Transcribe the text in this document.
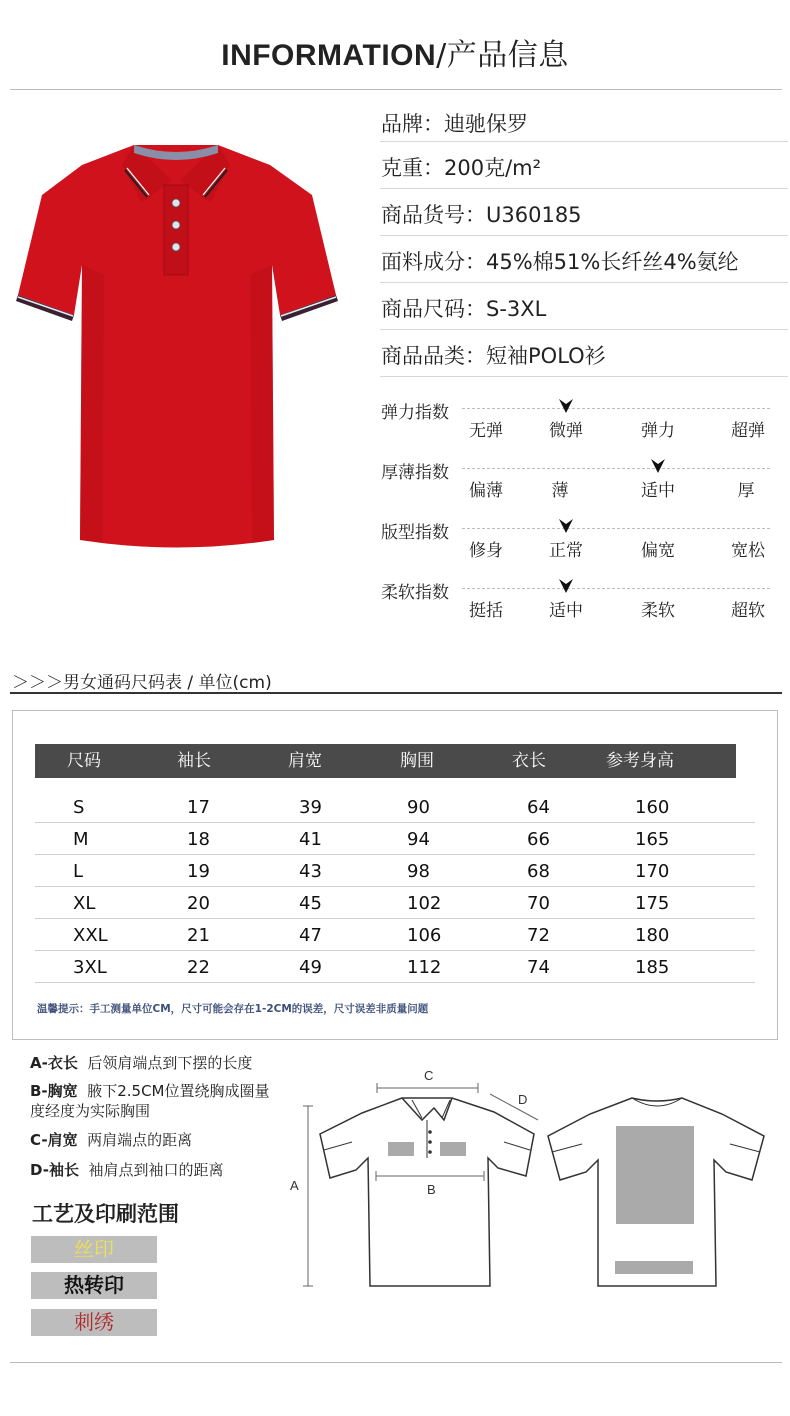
INFORMATION/产品信息
品牌：迪驰保罗
克重：200克/m²
商品货号：U360185
面料成分：45%棉51%长纤丝4%氨纶
商品尺码：S-3XL
商品品类：短袖POLO衫
弹力指数
无弹	微弹	弹力	超弹
厚薄指数
偏薄	薄	适中	厚
版型指数
修身	正常	偏宽	宽松
柔软指数
挺括	适中	柔软	超软
＞＞＞男女通码尺码表 / 单位(cm)
尺码	袖长	肩宽	胸围	衣长	参考身高
S	17	39	90	64	160
M	18	41	94	66	165
L	19	43	98	68	170
XL	20	45	102	70	175
XXL	21	47	106	72	180
3XL	22	49	112	74	185
温馨提示：手工测量单位CM，尺寸可能会存在1-2CM的误差，尺寸误差非质量问题
A-衣长 后领肩端点到下摆的长度
B-胸宽 腋下2.5CM位置绕胸成圈量度经度为实际胸围
C-肩宽 两肩端点的距离
D-袖长 袖肩点到袖口的距离
工艺及印刷范围
丝印
热转印
刺绣
C
D
B
A
